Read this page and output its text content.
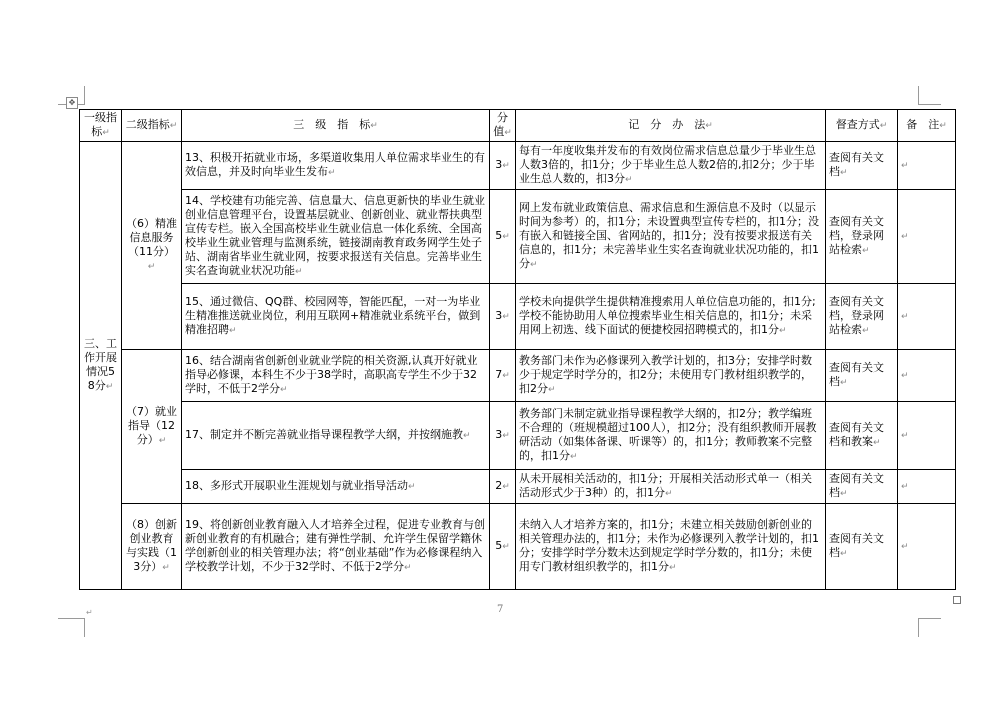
✥
一级指标↵	二级指标↵	三　级　指　标↵	分值↵	记　分　办　法↵	督查方式↵	备　注↵
三、工作开展情况58分↵	（6）精准信息服务（11分）↵	13、积极开拓就业市场，多渠道收集用人单位需求毕业生的有效信息，并及时向毕业生发布↵	3↵	每有一年度收集并发布的有效岗位需求信息总量少于毕业生总人数3倍的，扣1分；少于毕业生总人数2倍的,扣2分；少于毕业生总人数的，扣3分↵	查阅有关文档↵	↵
		14、学校建有功能完善、信息量大、信息更新快的毕业生就业创业信息管理平台，设置基层就业、创新创业、就业帮扶典型宣传专栏。嵌入全国高校毕业生就业信息一体化系统、全国高校毕业生就业管理与监测系统，链接湖南教育政务网学生处子站、湖南省毕业生就业网，按要求报送有关信息。完善毕业生实名查询就业状况功能↵	5↵	网上发布就业政策信息、需求信息和生源信息不及时（以显示时间为参考）的，扣1分；未设置典型宣传专栏的，扣1分；没有嵌入和链接全国、省网站的，扣1分；没有按要求报送有关信息的，扣1分；未完善毕业生实名查询就业状况功能的，扣1分↵	查阅有关文档，登录网站检索↵	↵
		15、通过微信、QQ群、校园网等，智能匹配，一对一为毕业生精准推送就业岗位，利用互联网+精准就业系统平台，做到精准招聘↵	3↵	学校未向提供学生提供精准搜索用人单位信息功能的，扣1分;学校不能协助用人单位搜索毕业生相关信息的，扣1分；未采用网上初选、线下面试的便捷校园招聘模式的，扣1分↵	查阅有关文档，登录网站检索↵	↵
	（7）就业指导（12分）↵	16、结合湖南省创新创业就业学院的相关资源,认真开好就业指导必修课，本科生不少于38学时，高职高专学生不少于32学时，不低于2学分↵	7↵	教务部门未作为必修课列入教学计划的，扣3分；安排学时数少于规定学时学分的，扣2分；未使用专门教材组织教学的，扣2分↵	查阅有关文档↵	↵
		17、制定并不断完善就业指导课程教学大纲，并按纲施教↵	3↵	教务部门未制定就业指导课程教学大纲的，扣2分；教学编班不合理的（班规模超过100人），扣2分；没有组织教师开展教研活动（如集体备课、听课等）的，扣1分；教师教案不完整的，扣1分↵	查阅有关文档和教案↵	↵
		18、多形式开展职业生涯规划与就业指导活动↵	2↵	从未开展相关活动的，扣1分；开展相关活动形式单一（相关活动形式少于3种）的，扣1分↵	查阅有关文档↵	↵
	（8）创新创业教育与实践（13分）↵	19、将创新创业教育融入人才培养全过程，促进专业教育与创新创业教育的有机融合；建有弹性学制、允许学生保留学籍休学创新创业的相关管理办法；将“创业基础”作为必修课程纳入学校教学计划，不少于32学时、不低于2学分↵	5↵	未纳入人才培养方案的，扣1分；未建立相关鼓励创新创业的相关管理办法的，扣1分；未作为必修课列入教学计划的，扣1分；安排学时学分数未达到规定学时学分数的，扣1分；未使用专门教材组织教学的，扣1分↵	查阅有关文档↵	↵
↵	7
